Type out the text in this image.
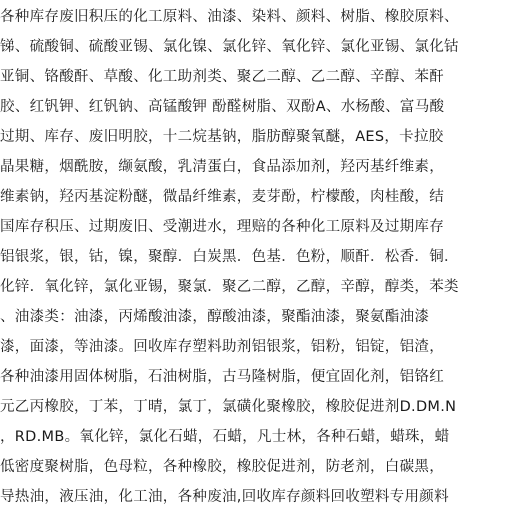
各种库存废旧积压的化工原料、油漆、染料、颜料、树脂、橡胶原料、
锑、硫酸铜、硫酸亚锡、氯化镍、氯化锌、氧化锌、氯化亚锡、氯化钴
亚铜、铬酸酐、草酸、化工助剂类、聚乙二醇、乙二醇、辛醇、苯酐
胶、红钒钾、红钒钠、高锰酸钾 酚醛树脂、双酚A、水杨酸、富马酸
过期、库存、废旧明胶，十二烷基钠，脂肪醇聚氧醚，AES，卡拉胶
晶果糖，烟酰胺，缬氨酸，乳清蛋白，食品添加剂，羟丙基纤维素，
维素钠，羟丙基淀粉醚，微晶纤维素，麦芽酚，柠檬酸，肉桂酸，结
国库存积压、过期废旧、受潮进水，理赔的各种化工原料及过期库存
铝银浆，银，钴，镍，聚醇．白炭黑．色基．色粉，顺酐．松香．铜．
化锌．氧化锌，氯化亚锡，聚氯．聚乙二醇，乙醇，辛醇，醇类，苯类
、油漆类：油漆，丙烯酸油漆，醇酸油漆，聚酯油漆，聚氨酯油漆
漆，面漆，等油漆。回收库存塑料助剂铝银浆，铝粉，铝锭，铝渣，
各种油漆用固体树脂，石油树脂，古马隆树脂，便宜固化剂，铝铬红
元乙丙橡胶，丁苯，丁晴，氯丁，氯磺化聚橡胶，橡胶促进剂D.DM.N
，RD.MB。氧化锌，氯化石蜡，石蜡，凡士林，各种石蜡，蜡珠，蜡
低密度聚树脂，色母粒，各种橡胶，橡胶促进剂，防老剂，白碳黑，
导热油，液压油，化工油，各种废油,回收库存颜料回收塑料专用颜料
